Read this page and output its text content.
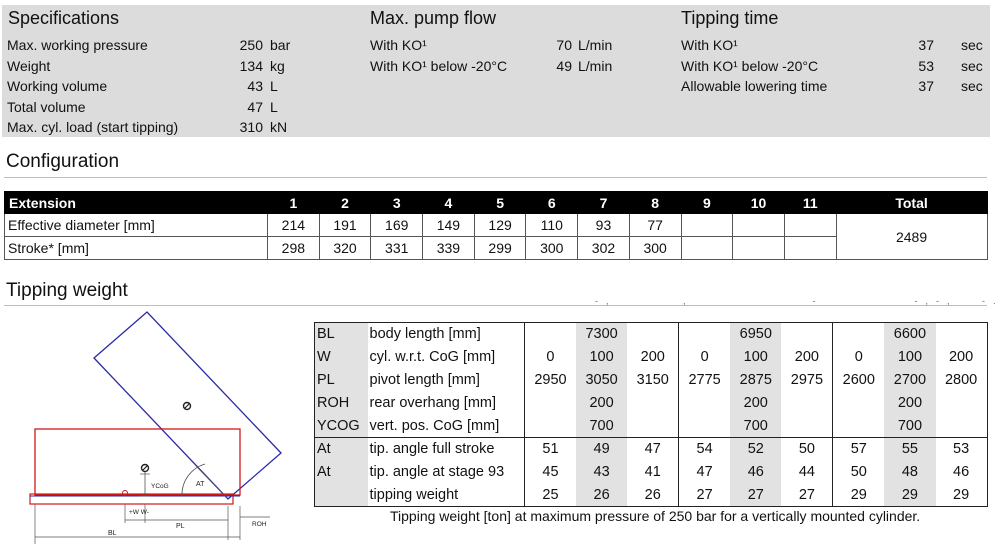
Specifications	Max. pump flow	Tipping time
Max. working pressure	250 bar
Weight	134 kg
Working volume	43 L
Total volume	47 L
Max. cyl. load (start tipping)	310 kN
With KO¹	70 L/min
With KO¹ below -20°C	49 L/min
With KO¹	37 sec
With KO¹ below -20°C	53 sec
Allowable lowering time	37 sec
Configuration
Extension	1	2	3	4	5	6	7	8	9	10	11	Total
Effective diameter [mm]	214	191	169	149	129	110	93	77				2489
Stroke* [mm]	298	320	331	339	299	300	302	300				
Tipping weight	-  ,                     ,                                    -                            -  ,  -  ,         -  .
YCoG	AT
+W W-
PL	ROH
BL
BL	body length [mm]		7300			6950			6600	
W	cyl. w.r.t. CoG [mm]	0	100	200	0	100	200	0	100	200
PL	pivot length [mm]	2950	3050	3150	2775	2875	2975	2600	2700	2800
ROH	rear overhang [mm]		200			200			200	
YCOG	vert. pos. CoG [mm]		700			700			700	
At	tip. angle full stroke	51	49	47	54	52	50	57	55	53
At	tip. angle at stage 93	45	43	41	47	46	44	50	48	46
	tipping weight	25	26	26	27	27	27	29	29	29
Tipping weight [ton] at maximum pressure of 250 bar for a vertically mounted cylinder.
